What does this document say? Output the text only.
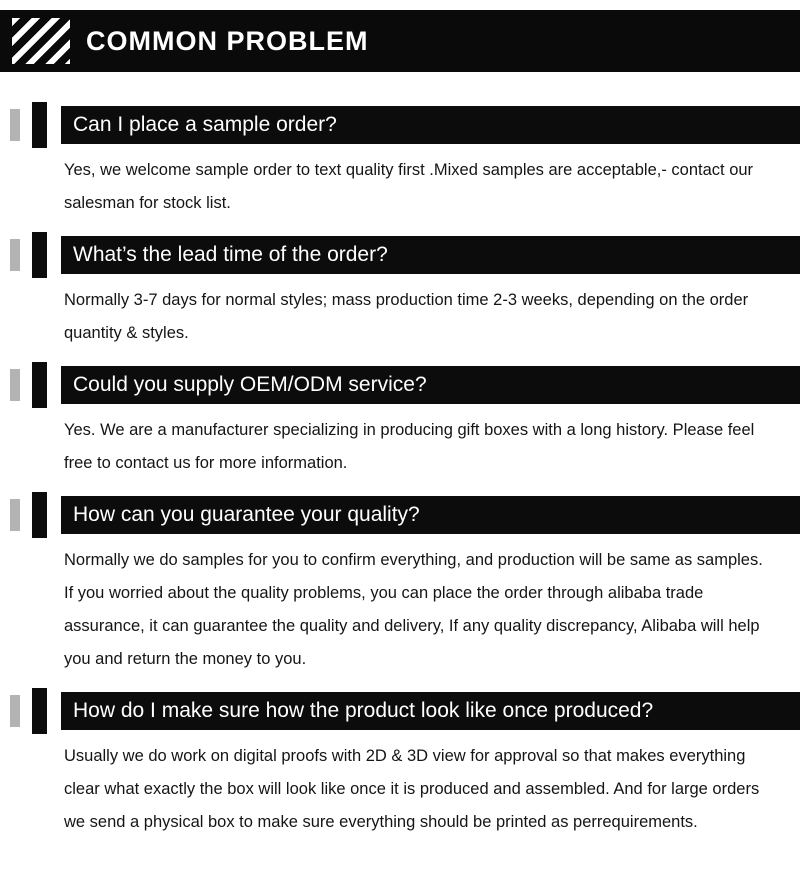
COMMON PROBLEM
Can I place a sample order?

Yes, we welcome sample order to text quality first .Mixed samples are acceptable,- contact our salesman for stock list.

What’s the lead time of the order?

Normally 3-7 days for normal styles; mass production time 2-3 weeks, depending on the order quantity & styles.

Could you supply OEM/ODM service?

Yes. We are a manufacturer specializing in producing gift boxes with a long history. Please feel free to contact us for more information.

How can you guarantee your quality?

Normally we do samples for you to confirm everything, and production will be same as samples. If you worried about the quality problems, you can place the order through alibaba trade assurance, it can guarantee the quality and delivery, If any quality discrepancy, Alibaba will help you and return the money to you.

How do I make sure how the product look like once produced?

Usually we do work on digital proofs with 2D & 3D view for approval so that makes everything clear what exactly the box will look like once it is produced and assembled. And for large orders we send a physical box to make sure everything should be printed as perrequirements.
